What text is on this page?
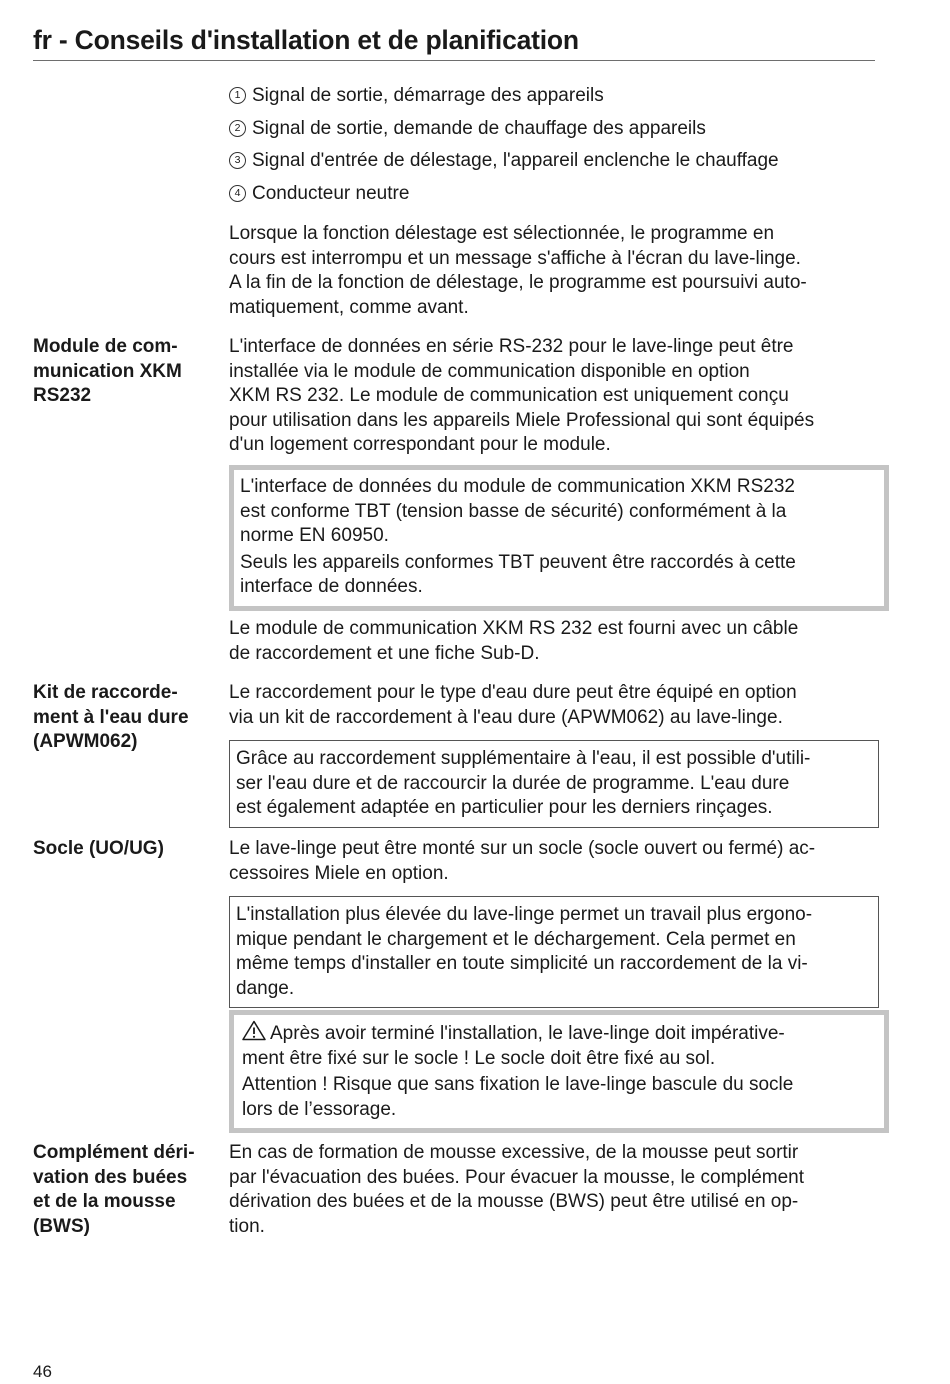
fr - Conseils d'installation et de planification
1 Signal de sortie, démarrage des appareils
2 Signal de sortie, demande de chauffage des appareils
3 Signal d'entrée de délestage, l'appareil enclenche le chauffage
4 Conducteur neutre

Lorsque la fonction délestage est sélectionnée, le programme en

cours est interrompu et un message s'affiche à l'écran du lave-linge.

A la fin de la fonction de délestage, le programme est poursuivi auto-

matiquement, comme avant.

Module de com-

munication XKM

RS232

L'interface de données en série RS-232 pour le lave-linge peut être

installée via le module de communication disponible en option

XKM RS 232. Le module de communication est uniquement conçu

pour utilisation dans les appareils Miele Professional qui sont équipés

d'un logement correspondant pour le module.

L'interface de données du module de communication XKM RS232

est conforme TBT (tension basse de sécurité) conformément à la

norme EN 60950.

Seuls les appareils conformes TBT peuvent être raccordés à cette

interface de données.

Le module de communication XKM RS 232 est fourni avec un câble

de raccordement et une fiche Sub-D.

Kit de raccorde-

ment à l'eau dure

(APWM062)

Le raccordement pour le type d'eau dure peut être équipé en option

via un kit de raccordement à l'eau dure (APWM062) au lave-linge.

Grâce au raccordement supplémentaire à l'eau, il est possible d'utili-

ser l'eau dure et de raccourcir la durée de programme. L'eau dure

est également adaptée en particulier pour les derniers rinçages.

Socle (UO/UG)	Le lave-linge peut être monté sur un socle (socle ouvert ou fermé) ac-

cessoires Miele en option.

L'installation plus élevée du lave-linge permet un travail plus ergono-

mique pendant le chargement et le déchargement. Cela permet en

même temps d'installer en toute simplicité un raccordement de la vi-

dange.

Après avoir terminé l'installation, le lave-linge doit impérative-

ment être fixé sur le socle ! Le socle doit être fixé au sol.

Attention ! Risque que sans fixation le lave-linge bascule du socle

lors de l’essorage.

Complément déri-

vation des buées

et de la mousse

(BWS)

En cas de formation de mousse excessive, de la mousse peut sortir

par l'évacuation des buées. Pour évacuer la mousse, le complément

dérivation des buées et de la mousse (BWS) peut être utilisé en op-

tion.

46
